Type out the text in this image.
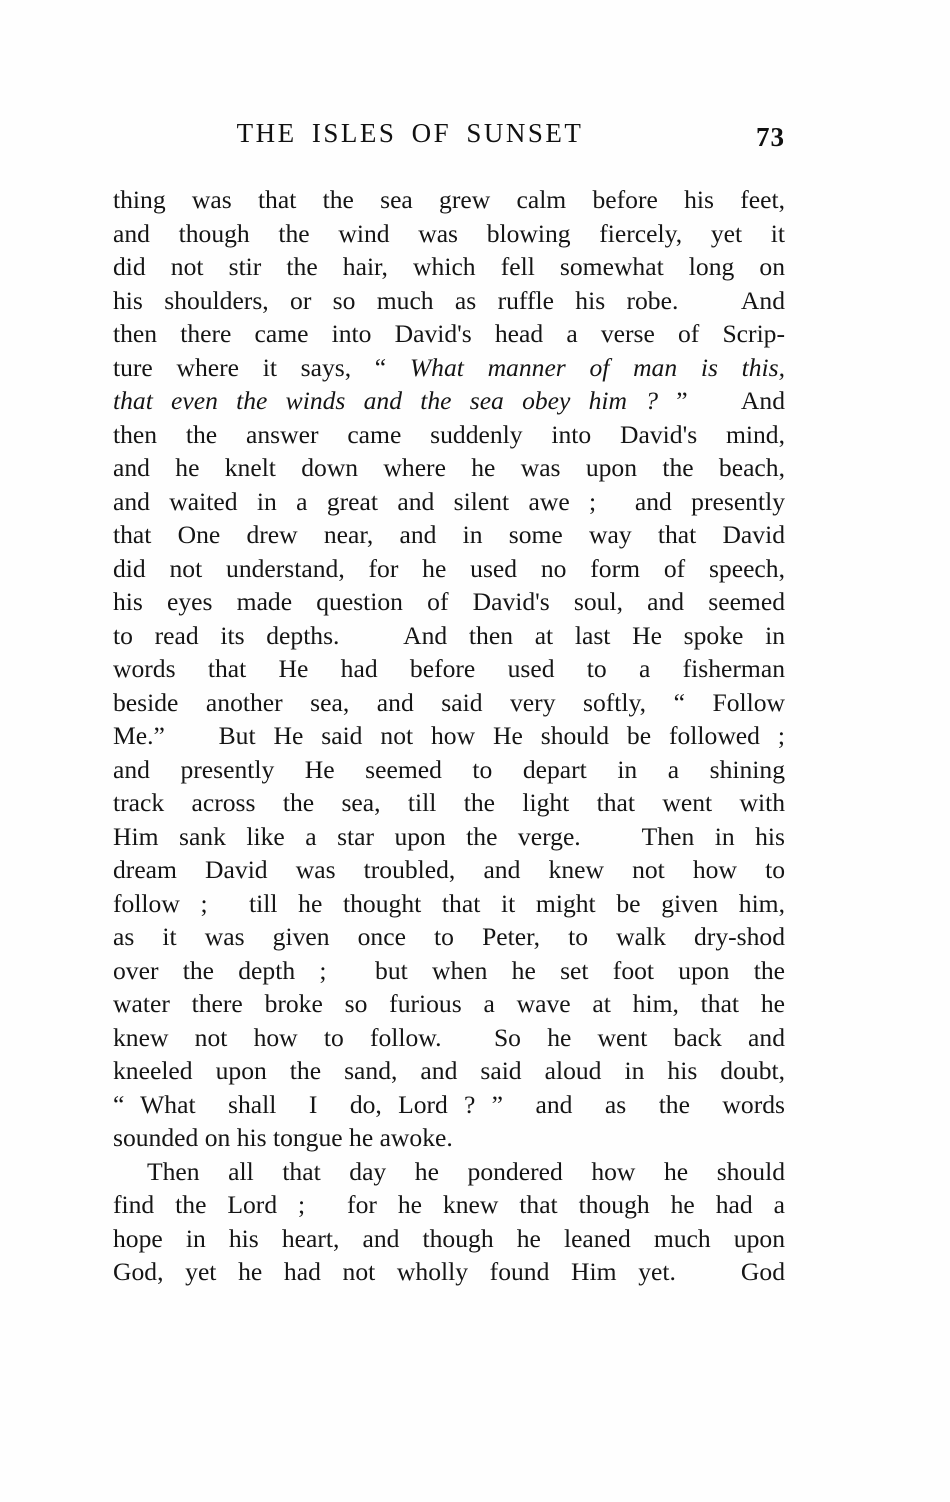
THE ISLES OF SUNSET	73
thing was that the sea grew calm before his feet,
and though the wind was blowing fiercely, yet it
did not stir the hair, which fell somewhat long on
his shoulders, or so much as ruffle his robe.   And
then there came into David's head a verse of Scrip-
ture where it says, “ What manner of man is this,
that even the winds and the sea obey him ? ”   And
then the answer came suddenly into David's mind,
and he knelt down where he was upon the beach,
and waited in a great and silent awe ;  and presently
that One drew near, and in some way that David
did not understand, for he used no form of speech,
his eyes made question of David's soul, and seemed
to read its depths.   And then at last He spoke in
words that He had before used to a fisherman
beside another sea, and said very softly, “ Follow
Me.”   But He said not how He should be followed ;
and presently He seemed to depart in a shining
track across the sea, till the light that went with
Him sank like a star upon the verge.   Then in his
dream David was troubled, and knew not how to
follow ;  till he thought that it might be given him,
as it was given once to Peter, to walk dry-shod
over the depth ;  but when he set foot upon the
water there broke so furious a wave at him, that he
knew not how to follow.  So he went back and
kneeled upon the sand, and said aloud in his doubt,
“ What  shall  I  do, Lord ? ”  and  as  the  words
sounded on his tongue he awoke.
Then all that day he pondered how he should
find the Lord ;  for he knew that though he had a
hope in his heart, and though he leaned much upon
God, yet he had not wholly found Him yet.   God
